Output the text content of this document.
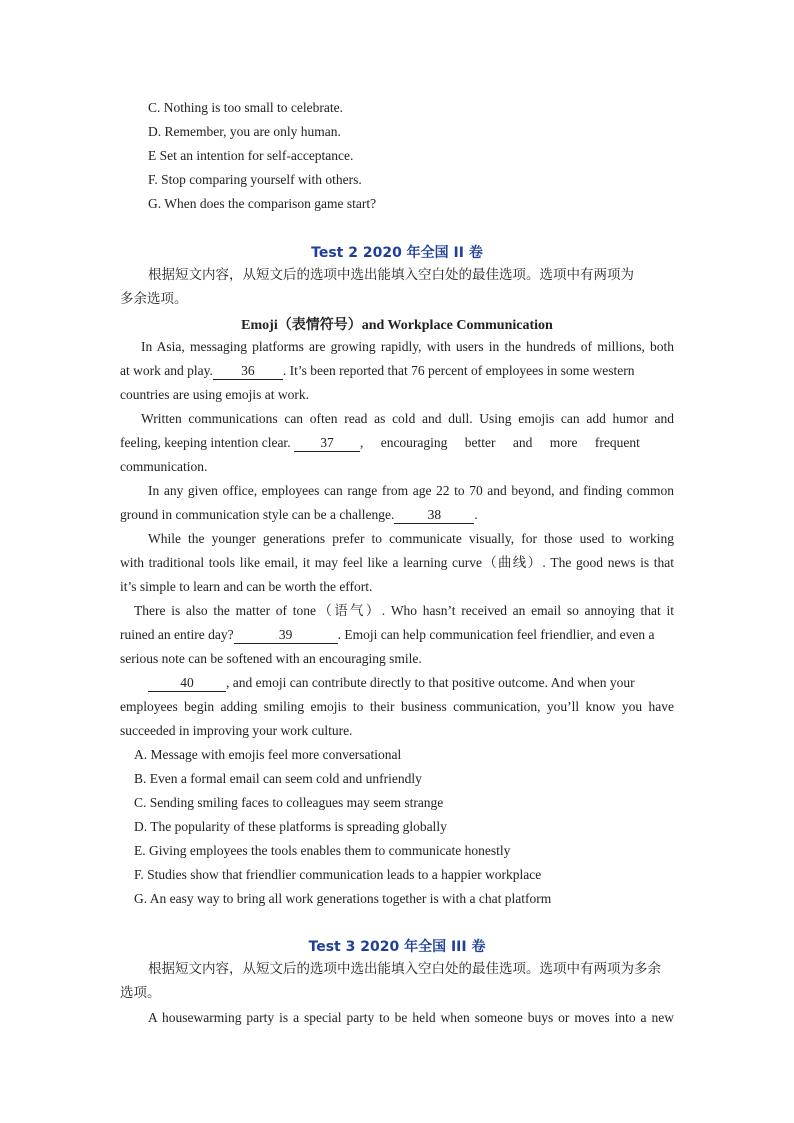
C. Nothing is too small to celebrate.
D. Remember, you are only human.
E Set an intention for self-acceptance.
F. Stop comparing yourself with others.
G. When does the comparison game start?
Test 2 2020 年全国 II 卷
根据短文内容，从短文后的选项中选出能填入空白处的最佳选项。选项中有两项为
多余选项。
Emoji（表情符号）and Workplace Communication
In Asia, messaging platforms are growing rapidly, with users in the hundreds of millions, both
at work and play. 36 . It’s been reported that 76 percent of employees in some western
countries are using emojis at work.
Written communications can often read as cold and dull. Using emojis can add humor and
feeling, keeping intention clear. 37 , encouraging better and more frequent
communication.
In any given office, employees can range from age 22 to 70 and beyond, and finding common
ground in communication style can be a challenge. 38 .
While the younger generations prefer to communicate visually, for those used to working
with traditional tools like email, it may feel like a learning curve（曲线）. The good news is that
it’s simple to learn and can be worth the effort.
There is also the matter of tone（语气）. Who hasn’t received an email so annoying that it
ruined an entire day?	39	. Emoji can help communication feel friendlier, and even a
serious note can be softened with an encouraging smile.
40 , and emoji can contribute directly to that positive outcome. And when your
employees begin adding smiling emojis to their business communication, you’ll know you have
succeeded in improving your work culture.
A. Message with emojis feel more conversational
B. Even a formal email can seem cold and unfriendly
C. Sending smiling faces to colleagues may seem strange
D. The popularity of these platforms is spreading globally
E. Giving employees the tools enables them to communicate honestly
F. Studies show that friendlier communication leads to a happier workplace
G. An easy way to bring all work generations together is with a chat platform
Test 3 2020 年全国 III 卷
根据短文内容，从短文后的选项中选出能填入空白处的最佳选项。选项中有两项为多余
选项。
A housewarming party is a special party to be held when someone buys or moves into a new
